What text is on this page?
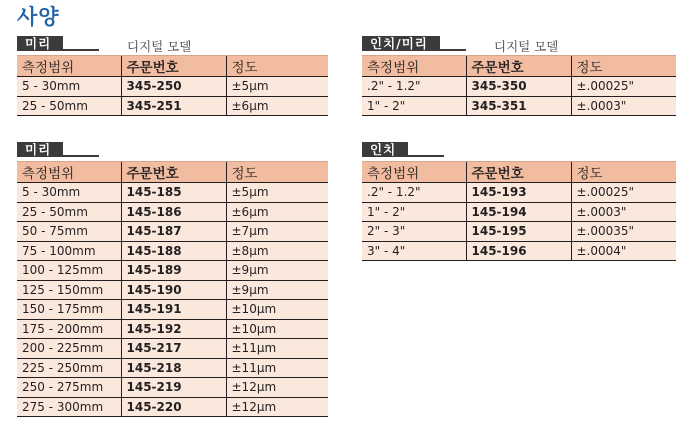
사양
미리	디지털 모델
측정범위	주문번호	정도
5 - 30mm	345-250	±5μm
25 - 50mm	345-251	±6μm
인치/미리	디지털 모델
측정범위	주문번호	정도
.2" - 1.2"	345-350	±.00025"
1" - 2"	345-351	±.0003"
미리
측정범위	주문번호	정도
5 - 30mm	145-185	±5μm
25 - 50mm	145-186	±6μm
50 - 75mm	145-187	±7μm
75 - 100mm	145-188	±8μm
100 - 125mm	145-189	±9μm
125 - 150mm	145-190	±9μm
150 - 175mm	145-191	±10μm
175 - 200mm	145-192	±10μm
200 - 225mm	145-217	±11μm
225 - 250mm	145-218	±11μm
250 - 275mm	145-219	±12μm
275 - 300mm	145-220	±12μm
인치
측정범위	주문번호	정도
.2" - 1.2"	145-193	±.00025"
1" - 2"	145-194	±.0003"
2" - 3"	145-195	±.00035"
3" - 4"	145-196	±.0004"
